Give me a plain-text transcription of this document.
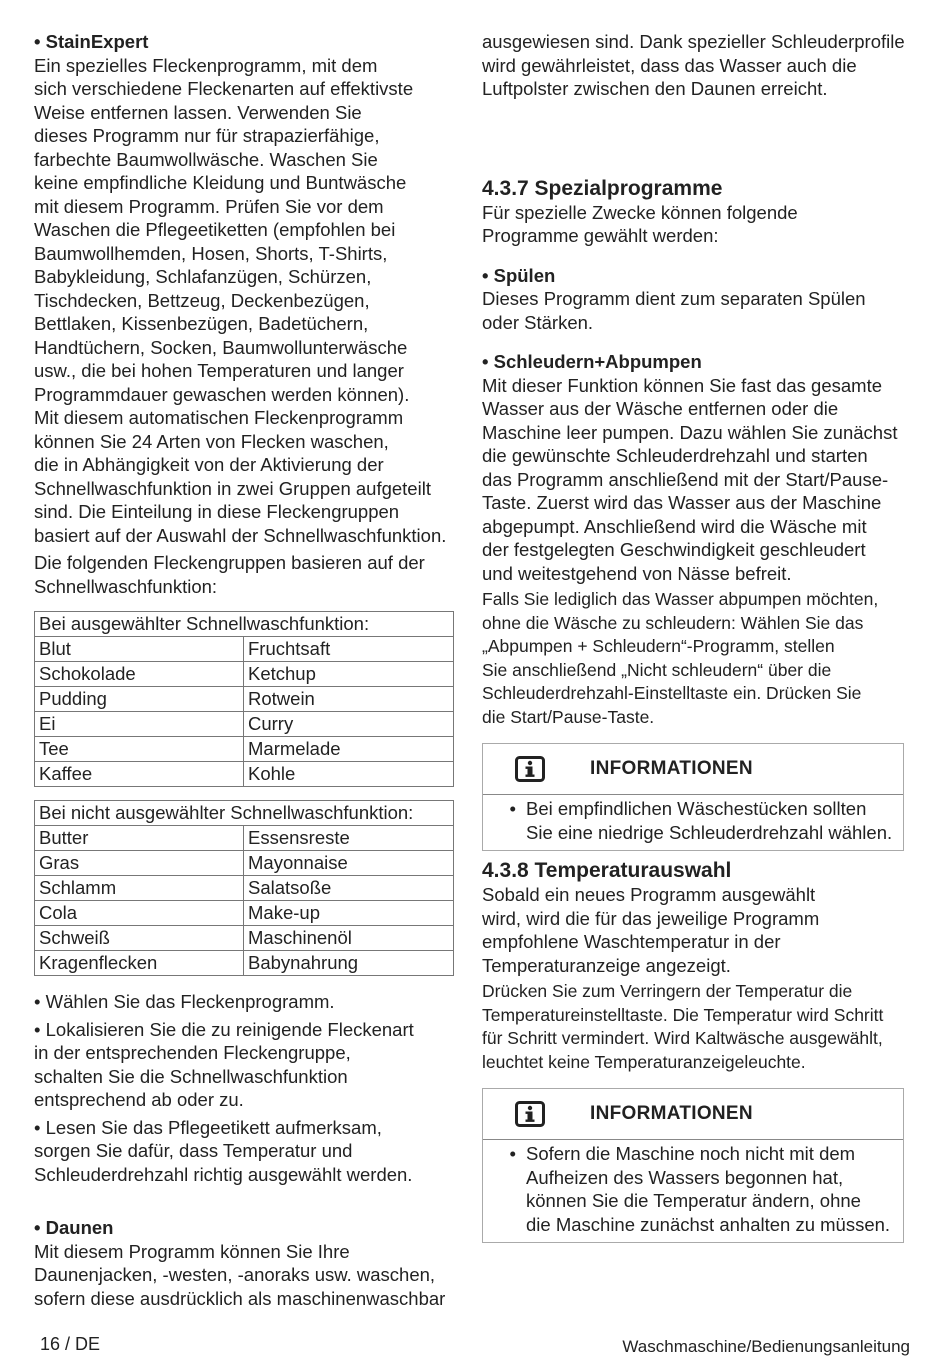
• StainExpert

Ein spezielles Fleckenprogramm, mit dem
sich verschiedene Fleckenarten auf effektivste
Weise entfernen lassen. Verwenden Sie
dieses Programm nur für strapazierfähige,
farbechte Baumwollwäsche. Waschen Sie
keine empfindliche Kleidung und Buntwäsche
mit diesem Programm. Prüfen Sie vor dem
Waschen die Pflegeetiketten (empfohlen bei
Baumwollhemden, Hosen, Shorts, T-Shirts,
Babykleidung, Schlafanzügen, Schürzen,
Tischdecken, Bettzeug, Deckenbezügen,
Bettlaken, Kissenbezügen, Badetüchern,
Handtüchern, Socken, Baumwollunterwäsche
usw., die bei hohen Temperaturen und langer
Programmdauer gewaschen werden können).
Mit diesem automatischen Fleckenprogramm
können Sie 24 Arten von Flecken waschen,
die in Abhängigkeit von der Aktivierung der
Schnellwaschfunktion in zwei Gruppen aufgeteilt
sind. Die Einteilung in diese Fleckengruppen
basiert auf der Auswahl der Schnellwaschfunktion.
Die folgenden Fleckengruppen basieren auf der
Schnellwaschfunktion:
Bei ausgewählter Schnellwaschfunktion:	
Blut	Fruchtsaft
Schokolade	Ketchup
Pudding	Rotwein
Ei	Curry
Tee	Marmelade
Kaffee	Kohle
Bei nicht ausgewählter Schnellwaschfunktion:	
Butter	Essensreste
Gras	Mayonnaise
Schlamm	Salatsoße
Cola	Make-up
Schweiß	Maschinenöl
Kragenflecken	Babynahrung
• Wählen Sie das Fleckenprogramm.
• Lokalisieren Sie die zu reinigende Fleckenart
in der entsprechenden Fleckengruppe,
schalten Sie die Schnellwaschfunktion
entsprechend ab oder zu.
• Lesen Sie das Pflegeetikett aufmerksam,
sorgen Sie dafür, dass Temperatur und
Schleuderdrehzahl richtig ausgewählt werden.

• Daunen

Mit diesem Programm können Sie Ihre
Daunenjacken, -westen, -anoraks usw. waschen,
sofern diese ausdrücklich als maschinenwaschbar
ausgewiesen sind. Dank spezieller Schleuderprofile
wird gewährleistet, dass das Wasser auch die
Luftpolster zwischen den Daunen erreicht.
4.3.7 Spezialprogramme
Für spezielle Zwecke können folgende
Programme gewählt werden:

• Spülen

Dieses Programm dient zum separaten Spülen
oder Stärken.

• Schleudern+Abpumpen

Mit dieser Funktion können Sie fast das gesamte
Wasser aus der Wäsche entfernen oder die
Maschine leer pumpen. Dazu wählen Sie zunächst
die gewünschte Schleuderdrehzahl und starten
das Programm anschließend mit der Start/Pause-
Taste. Zuerst wird das Wasser aus der Maschine
abgepumpt. Anschließend wird die Wäsche mit
der festgelegten Geschwindigkeit geschleudert
und weitestgehend von Nässe befreit.
Falls Sie lediglich das Wasser abpumpen möchten,
ohne die Wäsche zu schleudern: Wählen Sie das
„Abpumpen + Schleudern“-Programm, stellen
Sie anschließend „Nicht schleudern“ über die
Schleuderdrehzahl-Einstelltaste ein. Drücken Sie
die Start/Pause-Taste.
INFORMATIONEN
• Bei empfindlichen Wäschestücken sollten
Sie eine niedrige Schleuderdrehzahl wählen.
4.3.8 Temperaturauswahl
Sobald ein neues Programm ausgewählt
wird, wird die für das jeweilige Programm
empfohlene Waschtemperatur in der
Temperaturanzeige angezeigt.
Drücken Sie zum Verringern der Temperatur die
Temperatureinstelltaste. Die Temperatur wird Schritt
für Schritt vermindert. Wird Kaltwäsche ausgewählt,
leuchtet keine Temperaturanzeigeleuchte.
INFORMATIONEN
• Sofern die Maschine noch nicht mit dem
Aufheizen des Wassers begonnen hat,
können Sie die Temperatur ändern, ohne
die Maschine zunächst anhalten zu müssen.
16 / DE	Waschmaschine/Bedienungsanleitung
